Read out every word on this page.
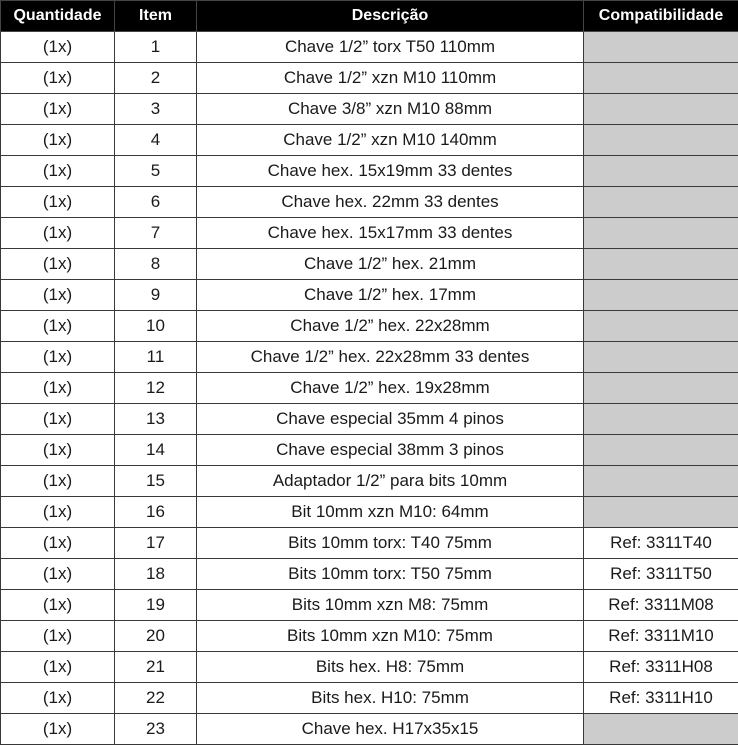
Quantidade	Item	Descrição	Compatibilidade
(1x)	1	Chave 1/2” torx T50 110mm	
(1x)	2	Chave 1/2” xzn M10 110mm	
(1x)	3	Chave 3/8” xzn M10 88mm	
(1x)	4	Chave 1/2” xzn M10 140mm	
(1x)	5	Chave hex. 15x19mm 33 dentes	
(1x)	6	Chave hex. 22mm 33 dentes	
(1x)	7	Chave hex. 15x17mm 33 dentes	
(1x)	8	Chave 1/2” hex. 21mm	
(1x)	9	Chave 1/2” hex. 17mm	
(1x)	10	Chave 1/2” hex. 22x28mm	
(1x)	11	Chave 1/2” hex. 22x28mm 33 dentes	
(1x)	12	Chave 1/2” hex. 19x28mm	
(1x)	13	Chave especial 35mm 4 pinos	
(1x)	14	Chave especial 38mm 3 pinos	
(1x)	15	Adaptador 1/2” para bits 10mm	
(1x)	16	Bit 10mm xzn M10: 64mm	
(1x)	17	Bits 10mm torx: T40 75mm	Ref: 3311T40
(1x)	18	Bits 10mm torx: T50 75mm	Ref: 3311T50
(1x)	19	Bits 10mm xzn M8: 75mm	Ref: 3311M08
(1x)	20	Bits 10mm xzn M10: 75mm	Ref: 3311M10
(1x)	21	Bits hex. H8: 75mm	Ref: 3311H08
(1x)	22	Bits hex. H10: 75mm	Ref: 3311H10
(1x)	23	Chave hex. H17x35x15	
